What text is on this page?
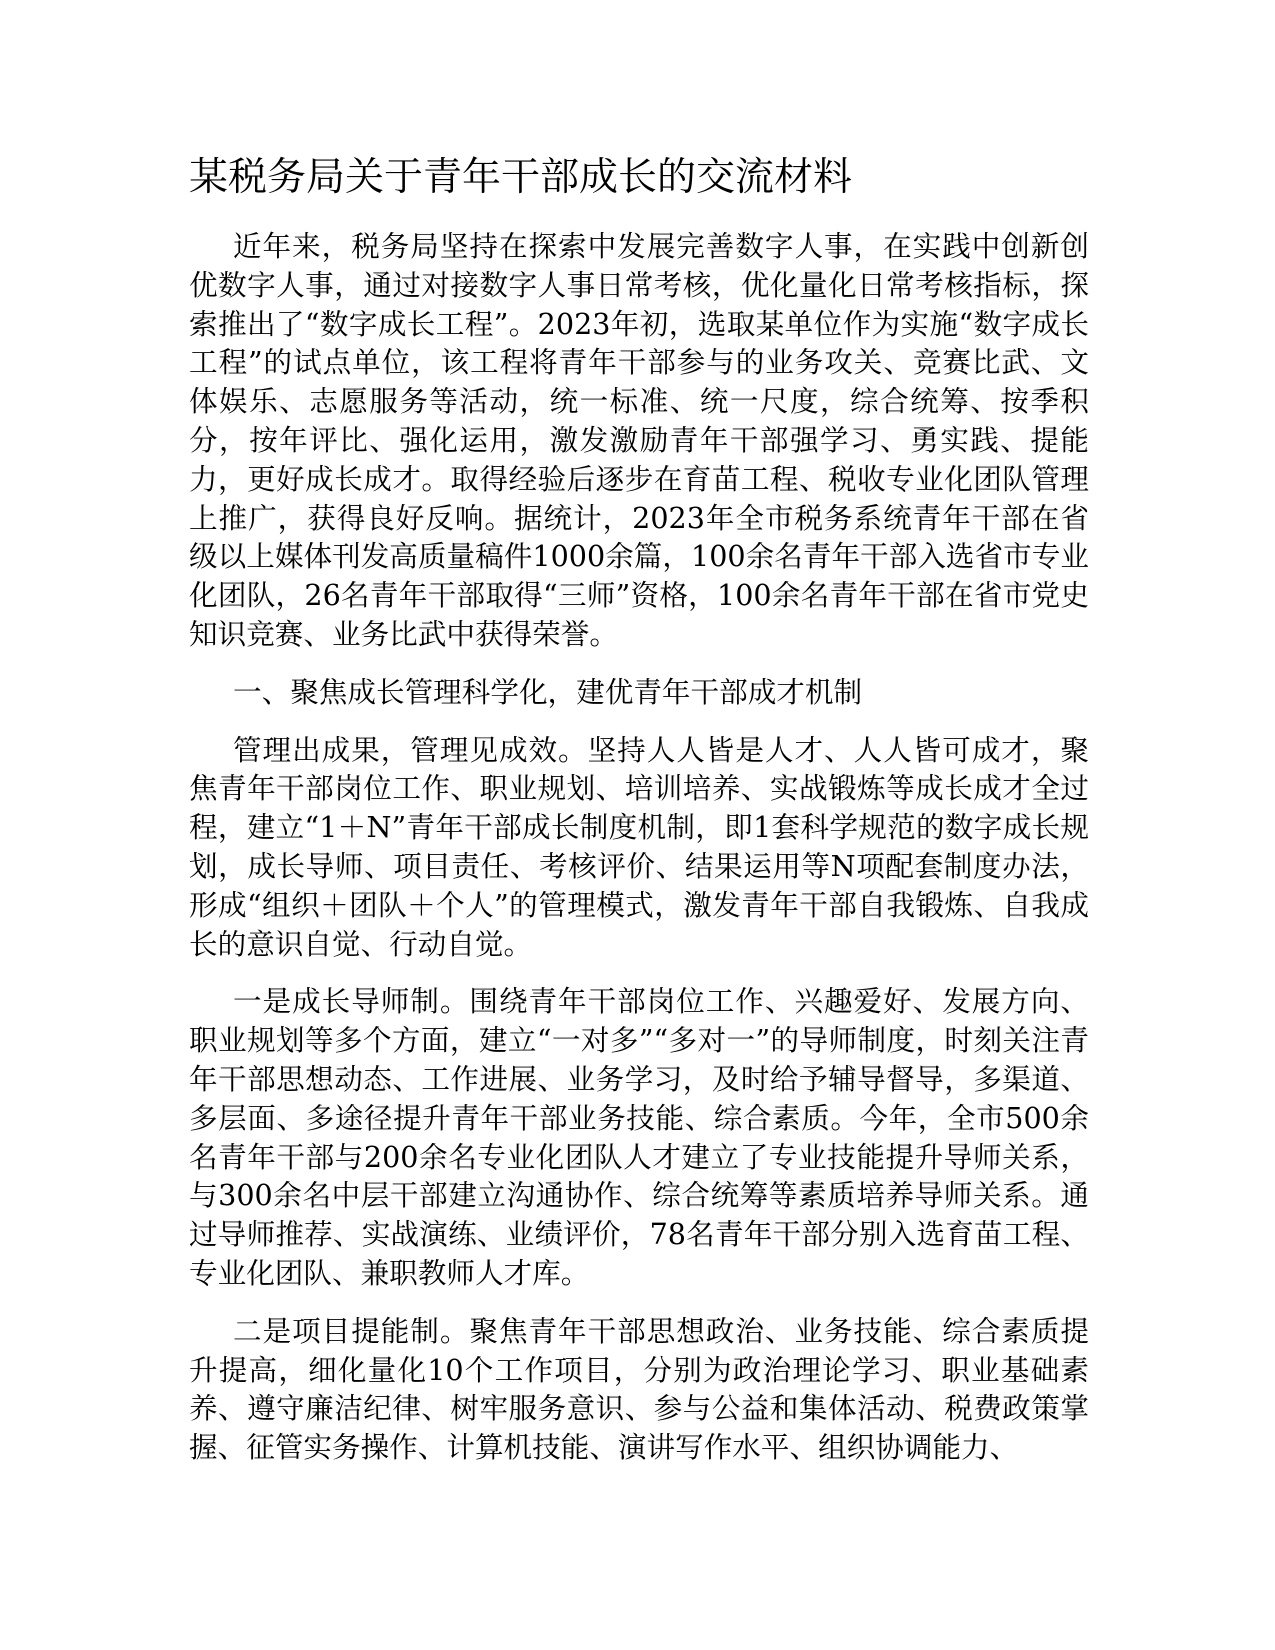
某税务局关于青年干部成长的交流材料

近年来，税务局坚持在探索中发展完善数字人事，在实践中创新创优数字人事，通过对接数字人事日常考核，优化量化日常考核指标，探索推出了“数字成长工程”。2023年初，选取某单位作为实施“数字成长工程”的试点单位，该工程将青年干部参与的业务攻关、竞赛比武、文体娱乐、志愿服务等活动，统一标准、统一尺度，综合统筹、按季积分，按年评比、强化运用，激发激励青年干部强学习、勇实践、提能力，更好成长成才。取得经验后逐步在育苗工程、税收专业化团队管理上推广，获得良好反响。据统计，2023年全市税务系统青年干部在省级以上媒体刊发高质量稿件1000余篇，100余名青年干部入选省市专业化团队，26名青年干部取得“三师”资格，100余名青年干部在省市党史知识竞赛、业务比武中获得荣誉。

一、聚焦成长管理科学化，建优青年干部成才机制

管理出成果，管理见成效。坚持人人皆是人才、人人皆可成才，聚焦青年干部岗位工作、职业规划、培训培养、实战锻炼等成长成才全过程，建立“1＋N”青年干部成长制度机制，即1套科学规范的数字成长规划，成长导师、项目责任、考核评价、结果运用等N项配套制度办法，形成“组织＋团队＋个人”的管理模式，激发青年干部自我锻炼、自我成长的意识自觉、行动自觉。

一是成长导师制。围绕青年干部岗位工作、兴趣爱好、发展方向、职业规划等多个方面，建立“一对多”“多对一”的导师制度，时刻关注青年干部思想动态、工作进展、业务学习，及时给予辅导督导，多渠道、多层面、多途径提升青年干部业务技能、综合素质。今年，全市500余名青年干部与200余名专业化团队人才建立了专业技能提升导师关系，与300余名中层干部建立沟通协作、综合统筹等素质培养导师关系。通过导师推荐、实战演练、业绩评价，78名青年干部分别入选育苗工程、专业化团队、兼职教师人才库。

二是项目提能制。聚焦青年干部思想政治、业务技能、综合素质提升提高，细化量化10个工作项目，分别为政治理论学习、职业基础素养、遵守廉洁纪律、树牢服务意识、参与公益和集体活动、税费政策掌握、征管实务操作、计算机技能、演讲写作水平、组织协调能力、
